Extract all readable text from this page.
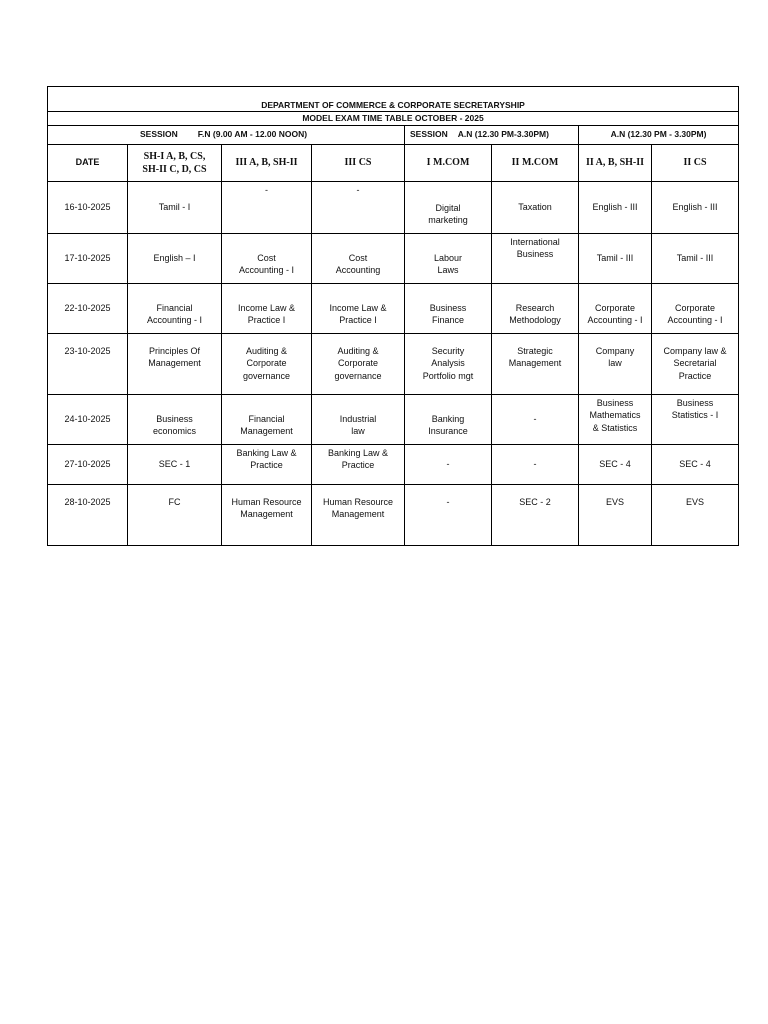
DEPARTMENT OF COMMERCE & CORPORATE SECRETARYSHIP							
MODEL EXAM TIME TABLE OCTOBER - 2025							
SESSION F.N (9.00 AM - 12.00 NOON)				SESSION A.N (12.30 PM-3.30PM)		A.N (12.30 PM - 3.30PM)	
DATE	SH-I A, B, CS,
SH-II C, D, CS	III A, B, SH-II	III CS	I M.COM	II M.COM	II A, B, SH-II	II CS
16-10-2025	Tamil - I	-	-	Digital
marketing	Taxation	English - III	English - III
17-10-2025	English – I	Cost
Accounting - I	Cost
Accounting	Labour
Laws	International
Business	Tamil - III	Tamil - III
22-10-2025	Financial
Accounting - I	Income Law &
Practice I	Income Law &
Practice I	Business
Finance	Research
Methodology	Corporate
Accounting - I	Corporate
Accounting - I
23-10-2025	Principles Of
Management	Auditing &
Corporate
governance	Auditing &
Corporate
governance	Security
Analysis
Portfolio mgt	Strategic
Management	Company
law	Company law &
Secretarial
Practice
24-10-2025	Business
economics	Financial
Management	Industrial
law	Banking
Insurance	-	Business
Mathematics
& Statistics	Business
Statistics - I
27-10-2025	SEC - 1	Banking Law &
Practice	Banking Law &
Practice	-	-	SEC - 4	SEC - 4
28-10-2025	FC	Human Resource
Management	Human Resource
Management	-	SEC - 2	EVS	EVS
